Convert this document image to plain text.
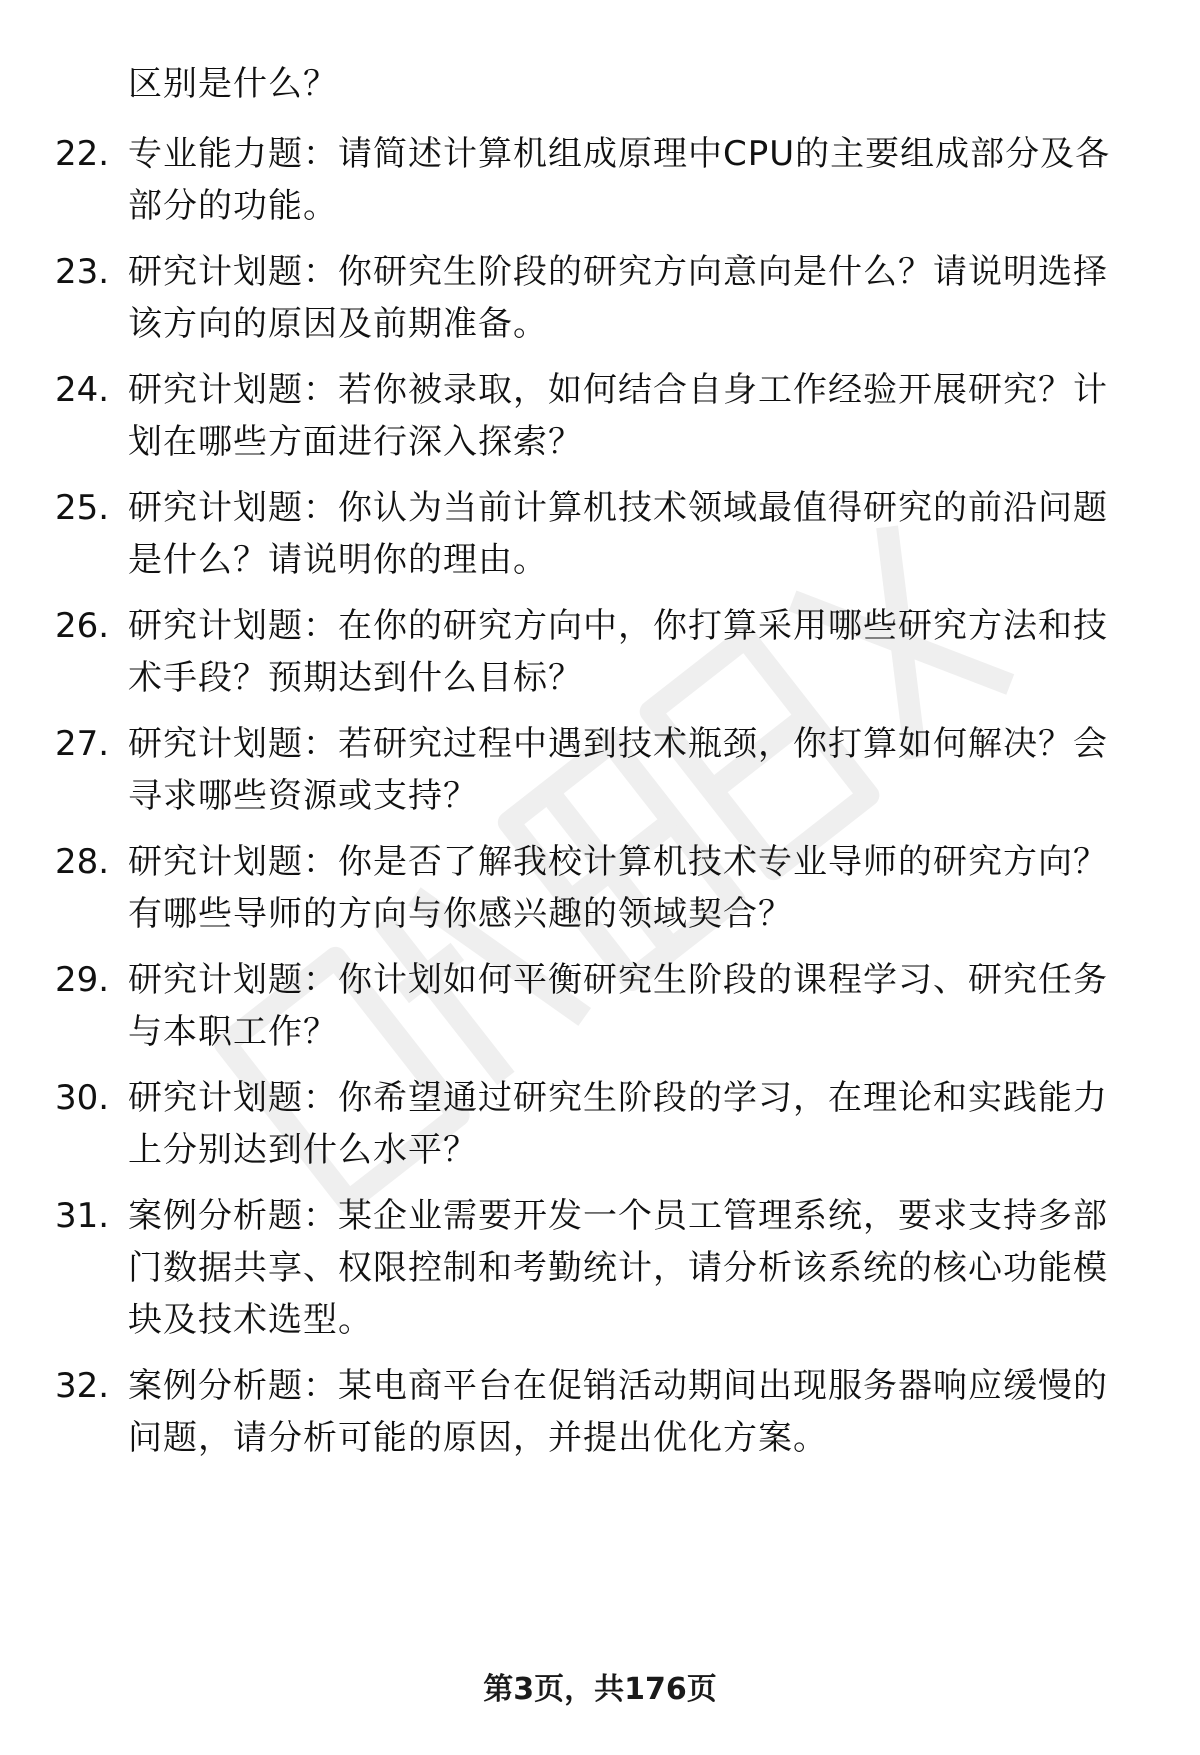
区别是什么？
22. 专业能力题：请简述计算机组成原理中CPU的主要组成部分及各部分的功能。
23. 研究计划题：你研究生阶段的研究方向意向是什么？请说明选择该方向的原因及前期准备。
24. 研究计划题：若你被录取，如何结合自身工作经验开展研究？计划在哪些方面进行深入探索？
25. 研究计划题：你认为当前计算机技术领域最值得研究的前沿问题是什么？请说明你的理由。
26. 研究计划题：在你的研究方向中，你打算采用哪些研究方法和技术手段？预期达到什么目标？
27. 研究计划题：若研究过程中遇到技术瓶颈，你打算如何解决？会寻求哪些资源或支持？
28. 研究计划题：你是否了解我校计算机技术专业导师的研究方向？有哪些导师的方向与你感兴趣的领域契合？
29. 研究计划题：你计划如何平衡研究生阶段的课程学习、研究任务与本职工作？
30. 研究计划题：你希望通过研究生阶段的学习，在理论和实践能力上分别达到什么水平？
31. 案例分析题：某企业需要开发一个员工管理系统，要求支持多部门数据共享、权限控制和考勤统计，请分析该系统的核心功能模块及技术选型。
32. 案例分析题：某电商平台在促销活动期间出现服务器响应缓慢的问题，请分析可能的原因，并提出优化方案。
第3页，共176页
